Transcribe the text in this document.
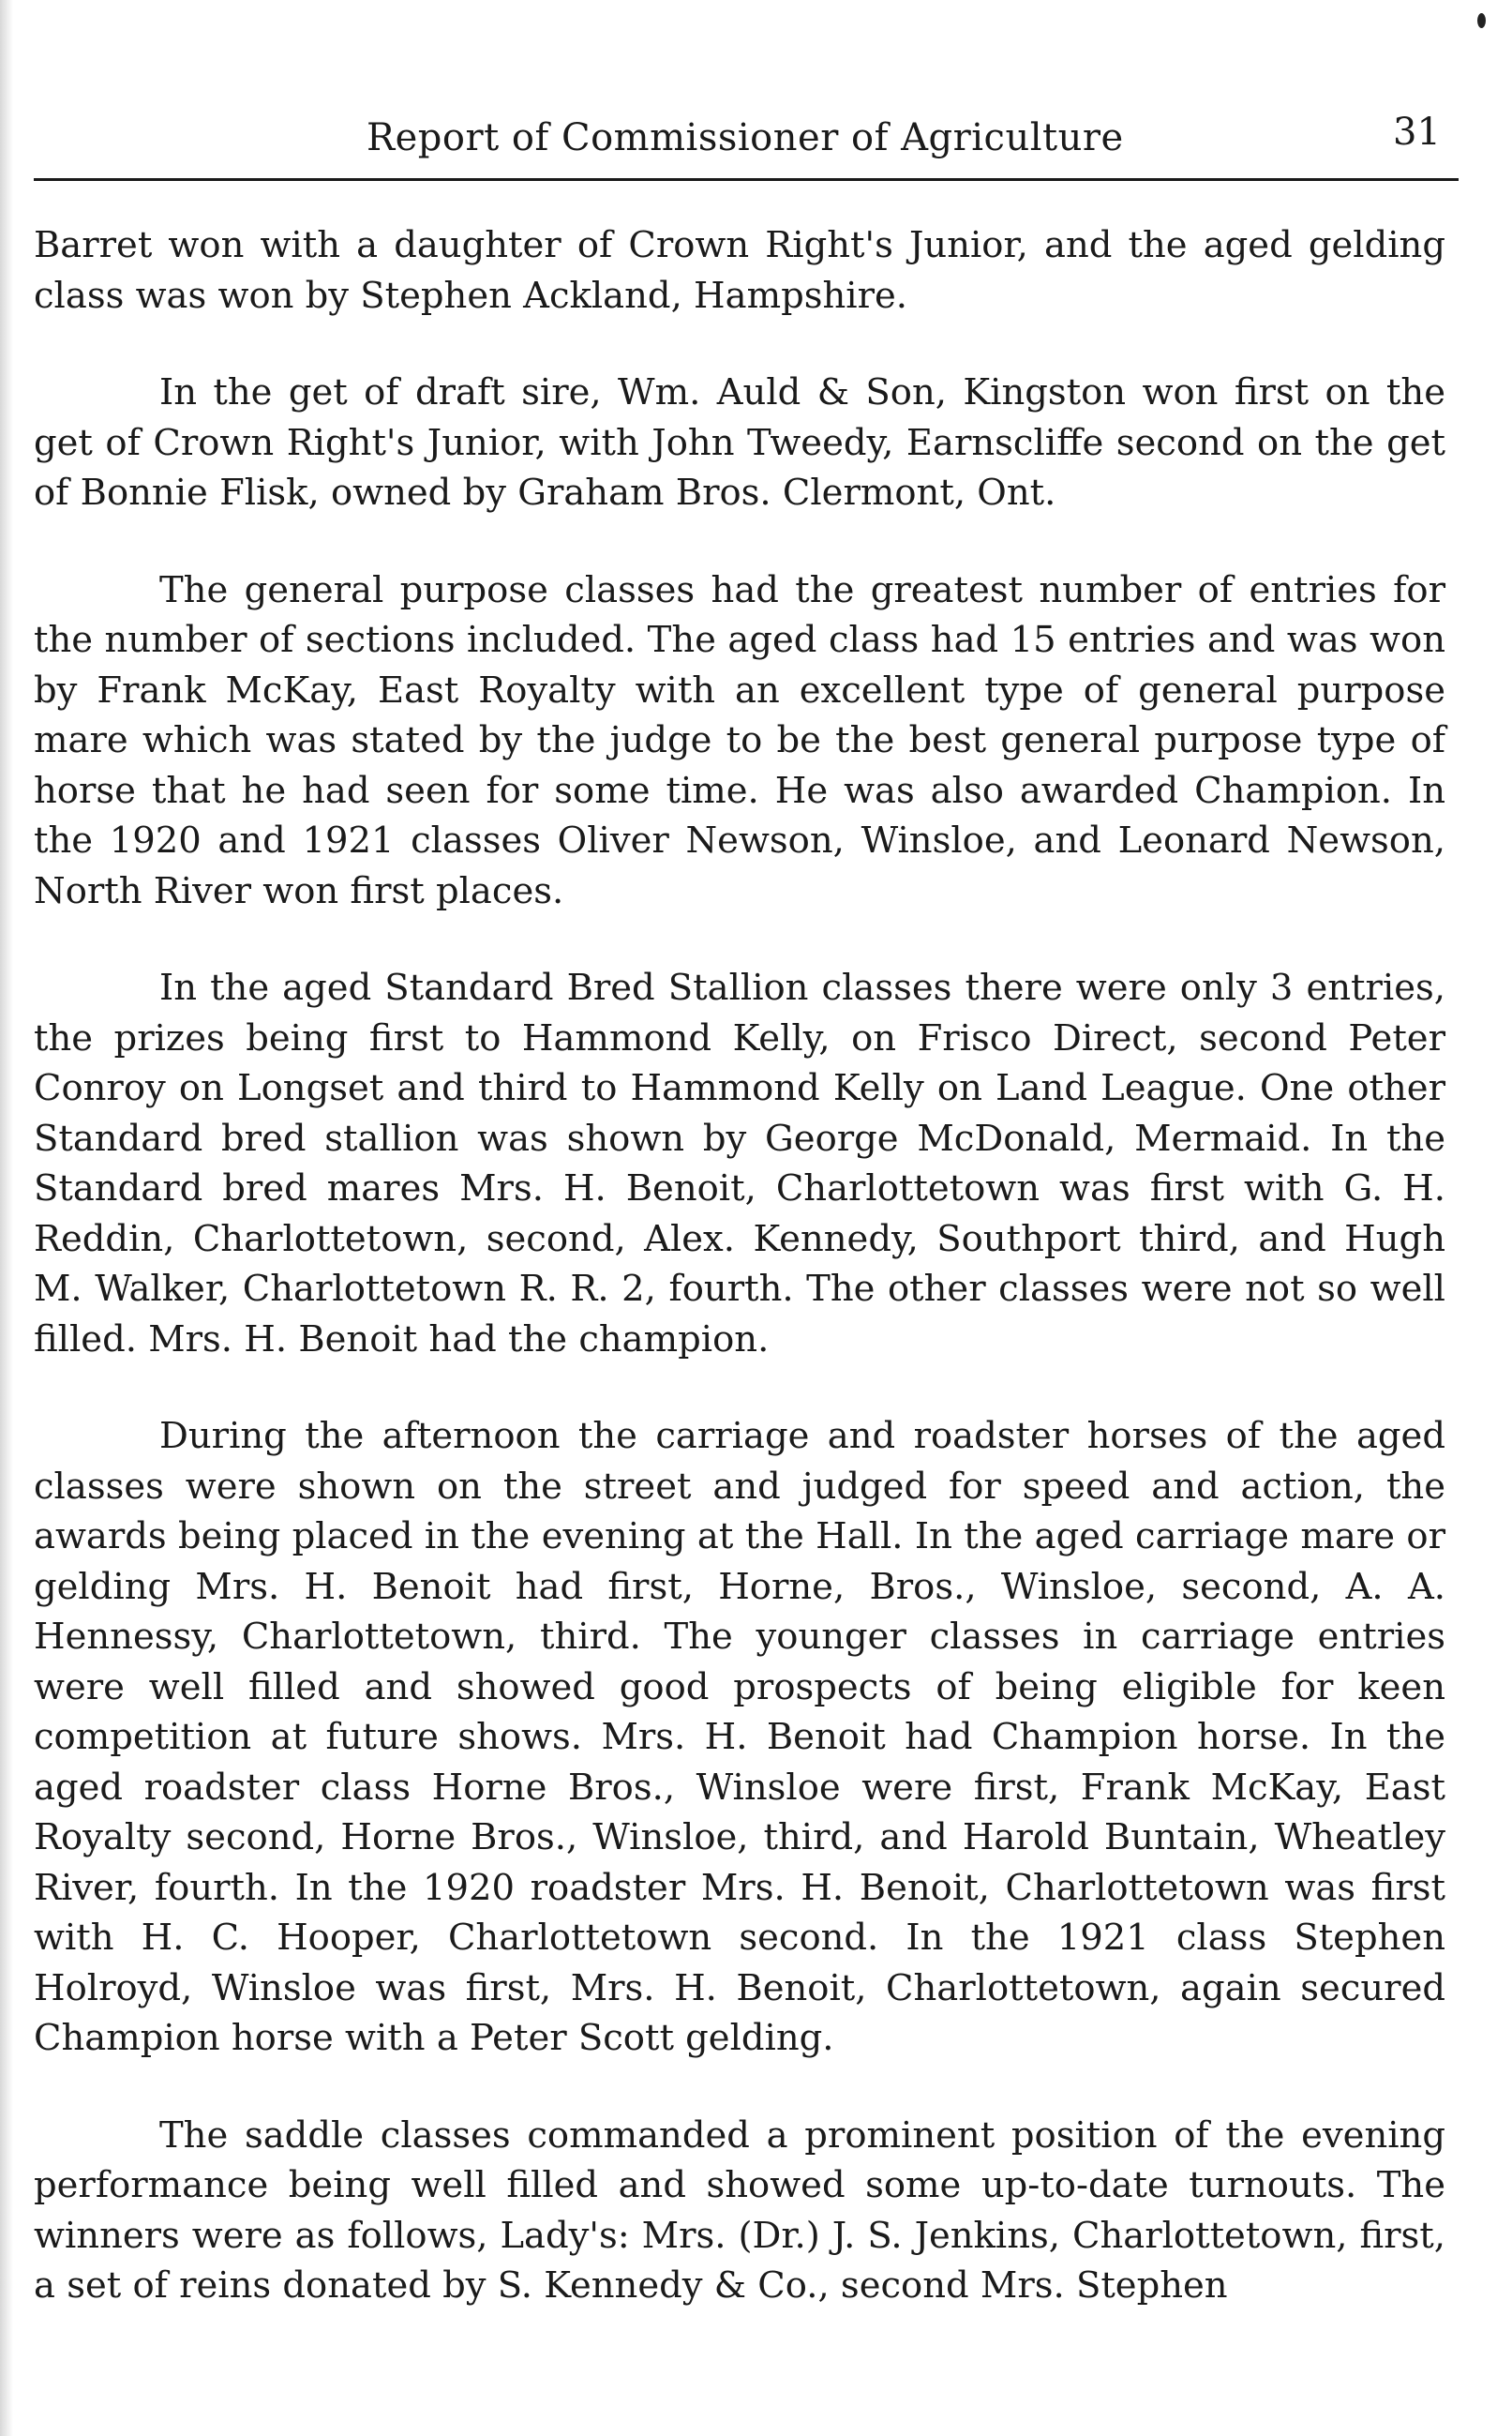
Report of Commissioner of Agriculture	31

Barret won with a daughter of Crown Right's Junior, and the aged gelding class was won by Stephen Ackland, Hampshire.

In the get of draft sire, Wm. Auld & Son, Kingston won first on the get of Crown Right's Junior, with John Tweedy, Earnscliffe second on the get of Bonnie Flisk, owned by Graham Bros. Clermont, Ont.

The general purpose classes had the greatest number of entries for the number of sections included. The aged class had 15 entries and was won by Frank McKay, East Royalty with an excellent type of general purpose mare which was stated by the judge to be the best general purpose type of horse that he had seen for some time. He was also awarded Champion. In the 1920 and 1921 classes Oliver Newson, Winsloe, and Leonard Newson, North River won first places.

In the aged Standard Bred Stallion classes there were only 3 entries, the prizes being first to Hammond Kelly, on Frisco Direct, second Peter Conroy on Longset and third to Hammond Kelly on Land League. One other Standard bred stallion was shown by George McDonald, Mermaid. In the Standard bred mares Mrs. H. Benoit, Charlottetown was first with G. H. Reddin, Charlottetown, second, Alex. Kennedy, Southport third, and Hugh M. Walker, Charlottetown R. R. 2, fourth. The other classes were not so well filled. Mrs. H. Benoit had the champion.

During the afternoon the carriage and roadster horses of the aged classes were shown on the street and judged for speed and action, the awards being placed in the evening at the Hall. In the aged carriage mare or gelding Mrs. H. Benoit had first, Horne, Bros., Winsloe, second, A. A. Hennessy, Charlottetown, third. The younger classes in carriage entries were well filled and showed good prospects of being eligible for keen competition at future shows. Mrs. H. Benoit had Champion horse. In the aged roadster class Horne Bros., Winsloe were first, Frank McKay, East Royalty second, Horne Bros., Winsloe, third, and Harold Buntain, Wheatley River, fourth. In the 1920 roadster Mrs. H. Benoit, Charlottetown was first with H. C. Hooper, Charlottetown second. In the 1921 class Stephen Holroyd, Winsloe was first, Mrs. H. Benoit, Charlottetown, again secured Champion horse with a Peter Scott gelding.

The saddle classes commanded a prominent position of the evening performance being well filled and showed some up-to-date turnouts. The winners were as follows, Lady's: Mrs. (Dr.) J. S. Jenkins, Charlottetown, first, a set of reins donated by S. Kennedy & Co., second Mrs. Stephen
